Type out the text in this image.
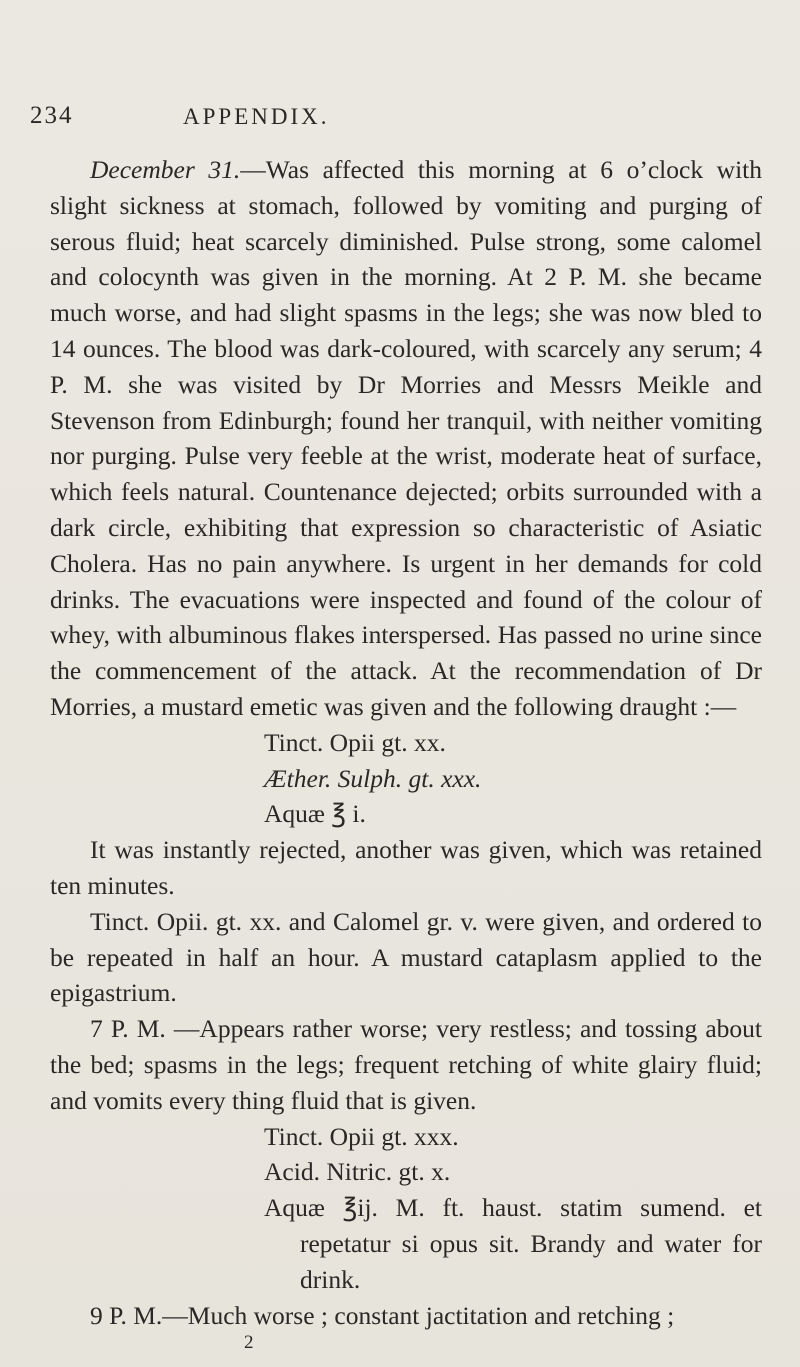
234	APPENDIX.

December 31.—Was affected this morning at 6 o’clock with slight sickness at stomach, followed by vomiting and purging of serous fluid; heat scarcely diminished. Pulse strong, some calomel and colocynth was given in the morning. At 2 P. M. she became much worse, and had slight spasms in the legs; she was now bled to 14 ounces. The blood was dark-coloured, with scarcely any serum; 4 P. M. she was visited by Dr Morries and Messrs Meikle and Stevenson from Edinburgh; found her tranquil, with neither vomiting nor purging. Pulse very feeble at the wrist, moderate heat of surface, which feels natural. Countenance dejected; orbits surrounded with a dark circle, exhibiting that expression so characteristic of Asiatic Cholera. Has no pain anywhere. Is urgent in her demands for cold drinks. The evacuations were inspected and found of the colour of whey, with albuminous flakes interspersed. Has passed no urine since the commencement of the attack. At the recommendation of Dr Morries, a mustard emetic was given and the following draught :—

Tinct. Opii gt. xx.
Æther. Sulph. gt. xxx.
Aquæ ℥ i.

It was instantly rejected, another was given, which was retained ten minutes.

Tinct. Opii. gt. xx. and Calomel gr. v. were given, and ordered to be repeated in half an hour. A mustard cataplasm applied to the epigastrium.

7 P. M. —Appears rather worse; very restless; and tossing about the bed; spasms in the legs; frequent retching of white glairy fluid; and vomits every thing fluid that is given.

Tinct. Opii gt. xxx.
Acid. Nitric. gt. x.
Aquæ ℥ij. M. ft. haust. statim sumend. et repetatur si opus sit. Brandy and water for drink.

9 P. M.—Much worse ; constant jactitation and retching ;

2
